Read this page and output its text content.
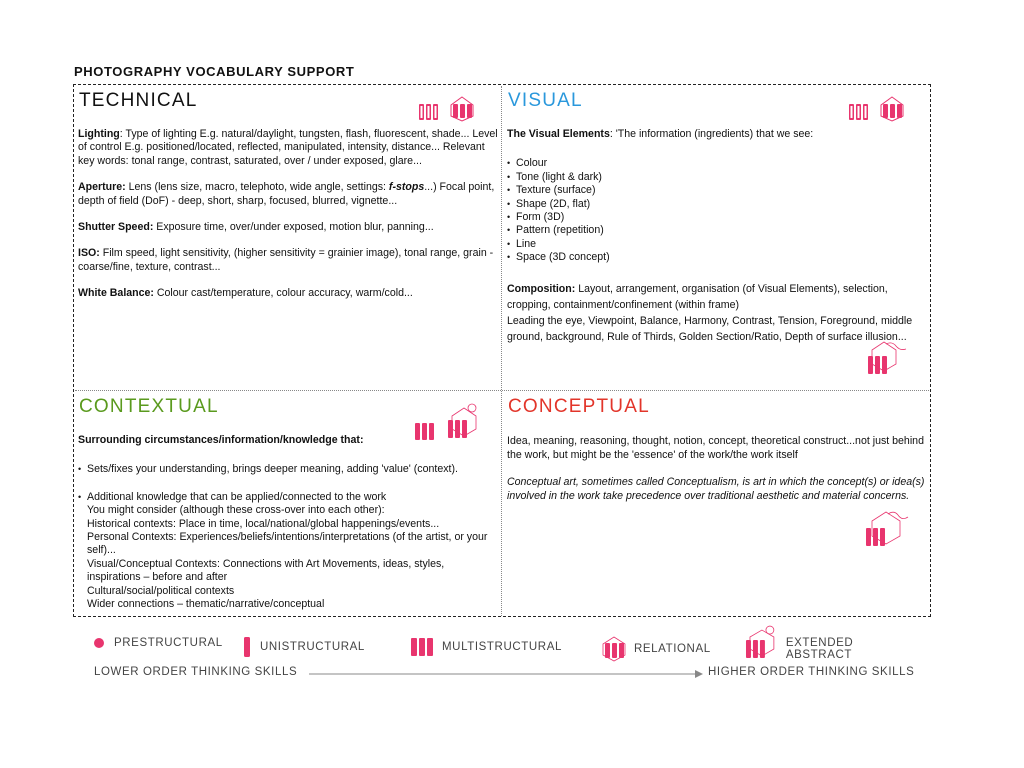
PHOTOGRAPHY VOCABULARY SUPPORT
TECHNICAL

Lighting: Type of lighting E.g. natural/daylight, tungsten, flash, fluorescent, shade... Level of control E.g. positioned/located, reflected, manipulated, intensity, distance... Relevant key words: tonal range, contrast, saturated, over / under exposed, glare...

Aperture: Lens (lens size, macro, telephoto, wide angle, settings: f-stops...) Focal point, depth of field (DoF) - deep, short, sharp, focused, blurred, vignette...

Shutter Speed: Exposure time, over/under exposed, motion blur, panning...

ISO: Film speed, light sensitivity, (higher sensitivity = grainier image), tonal range, grain - coarse/fine, texture, contrast...

White Balance: Colour cast/temperature, colour accuracy, warm/cold...

VISUAL

The Visual Elements: 'The information (ingredients) that we see:

• Colour
• Tone (light & dark)
• Texture (surface)
• Shape (2D, flat)
• Form (3D)
• Pattern (repetition)
• Line
• Space (3D concept)

Composition: Layout, arrangement, organisation (of Visual Elements), selection, cropping, containment/confinement (within frame)
Leading the eye, Viewpoint, Balance, Harmony, Contrast, Tension, Foreground, middle ground, background, Rule of Thirds, Golden Section/Ratio, Depth of surface illusion...

CONTEXTUAL

Surrounding circumstances/information/knowledge that:

• Sets/fixes your understanding, brings deeper meaning, adding 'value' (context).
• Additional knowledge that can be applied/connected to the work
You might consider (although these cross-over into each other):
Historical contexts: Place in time, local/national/global happenings/events...
Personal Contexts: Experiences/beliefs/intentions/interpretations (of the artist, or your self)...
Visual/Conceptual Contexts: Connections with Art Movements, ideas, styles, inspirations – before and after
Cultural/social/political contexts
Wider connections – thematic/narrative/conceptual
CONCEPTUAL

Idea, meaning, reasoning, thought, notion, concept, theoretical construct...not just behind the work, but might be the 'essence' of the work/the work itself

Conceptual art, sometimes called Conceptualism, is art in which the concept(s) or idea(s) involved in the work take precedence over traditional aesthetic and material concerns.

PRESTRUCTURAL	UNISTRUCTURAL	MULTISTRUCTURAL	RELATIONAL	EXTENDED ABSTRACT
LOWER ORDER THINKING SKILLS	HIGHER ORDER THINKING SKILLS
